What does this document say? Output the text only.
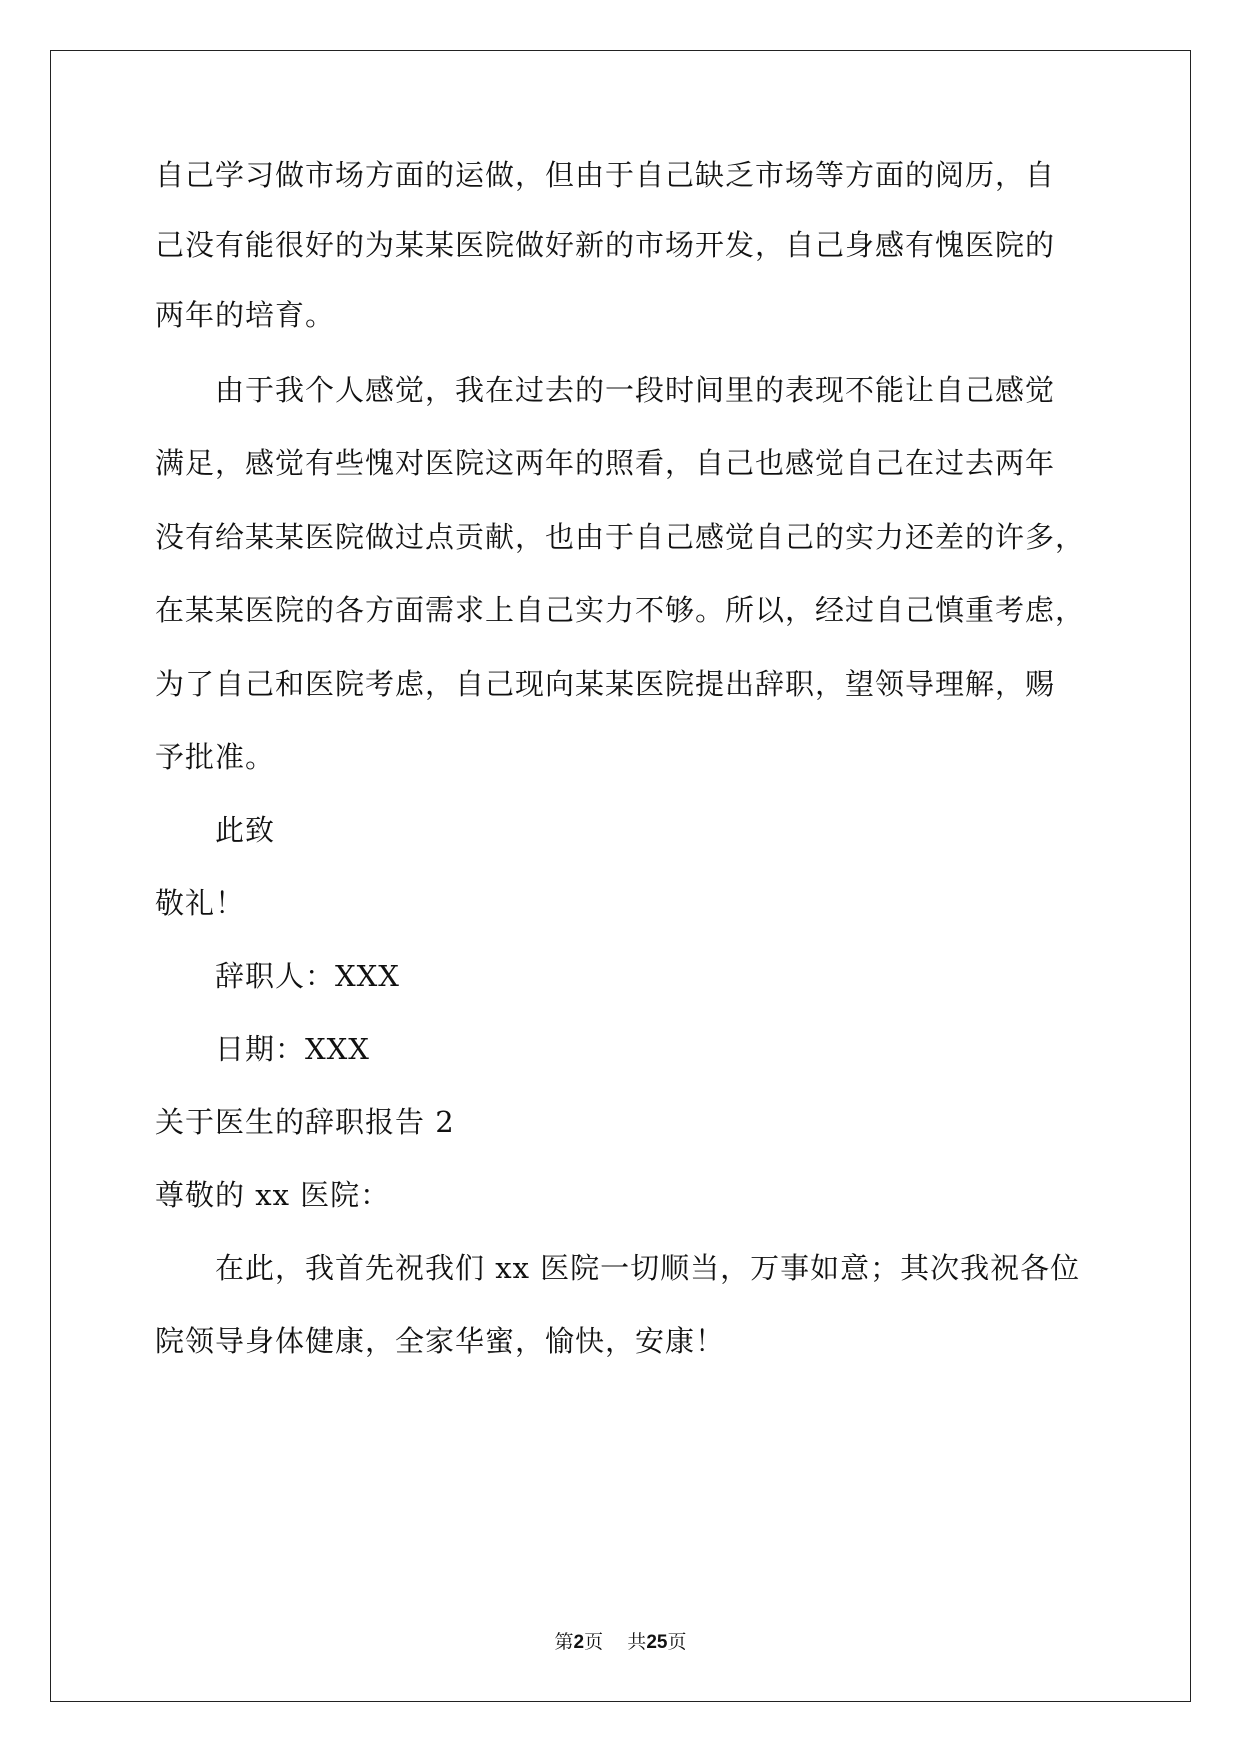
自己学习做市场方面的运做，但由于自己缺乏市场等方面的阅历，自
己没有能很好的为某某医院做好新的市场开发，自己身感有愧医院的
两年的培育。
由于我个人感觉，我在过去的一段时间里的表现不能让自己感觉
满足，感觉有些愧对医院这两年的照看，自己也感觉自己在过去两年
没有给某某医院做过点贡献，也由于自己感觉自己的实力还差的许多，
在某某医院的各方面需求上自己实力不够。所以，经过自己慎重考虑，
为了自己和医院考虑，自己现向某某医院提出辞职，望领导理解，赐
予批准。
此致
敬礼！
辞职人：XXX
日期：XXX
关于医生的辞职报告 2
尊敬的 xx 医院：
在此，我首先祝我们 xx 医院一切顺当，万事如意；其次我祝各位
院领导身体健康，全家华蜜，愉快，安康！
第2页 共25页
